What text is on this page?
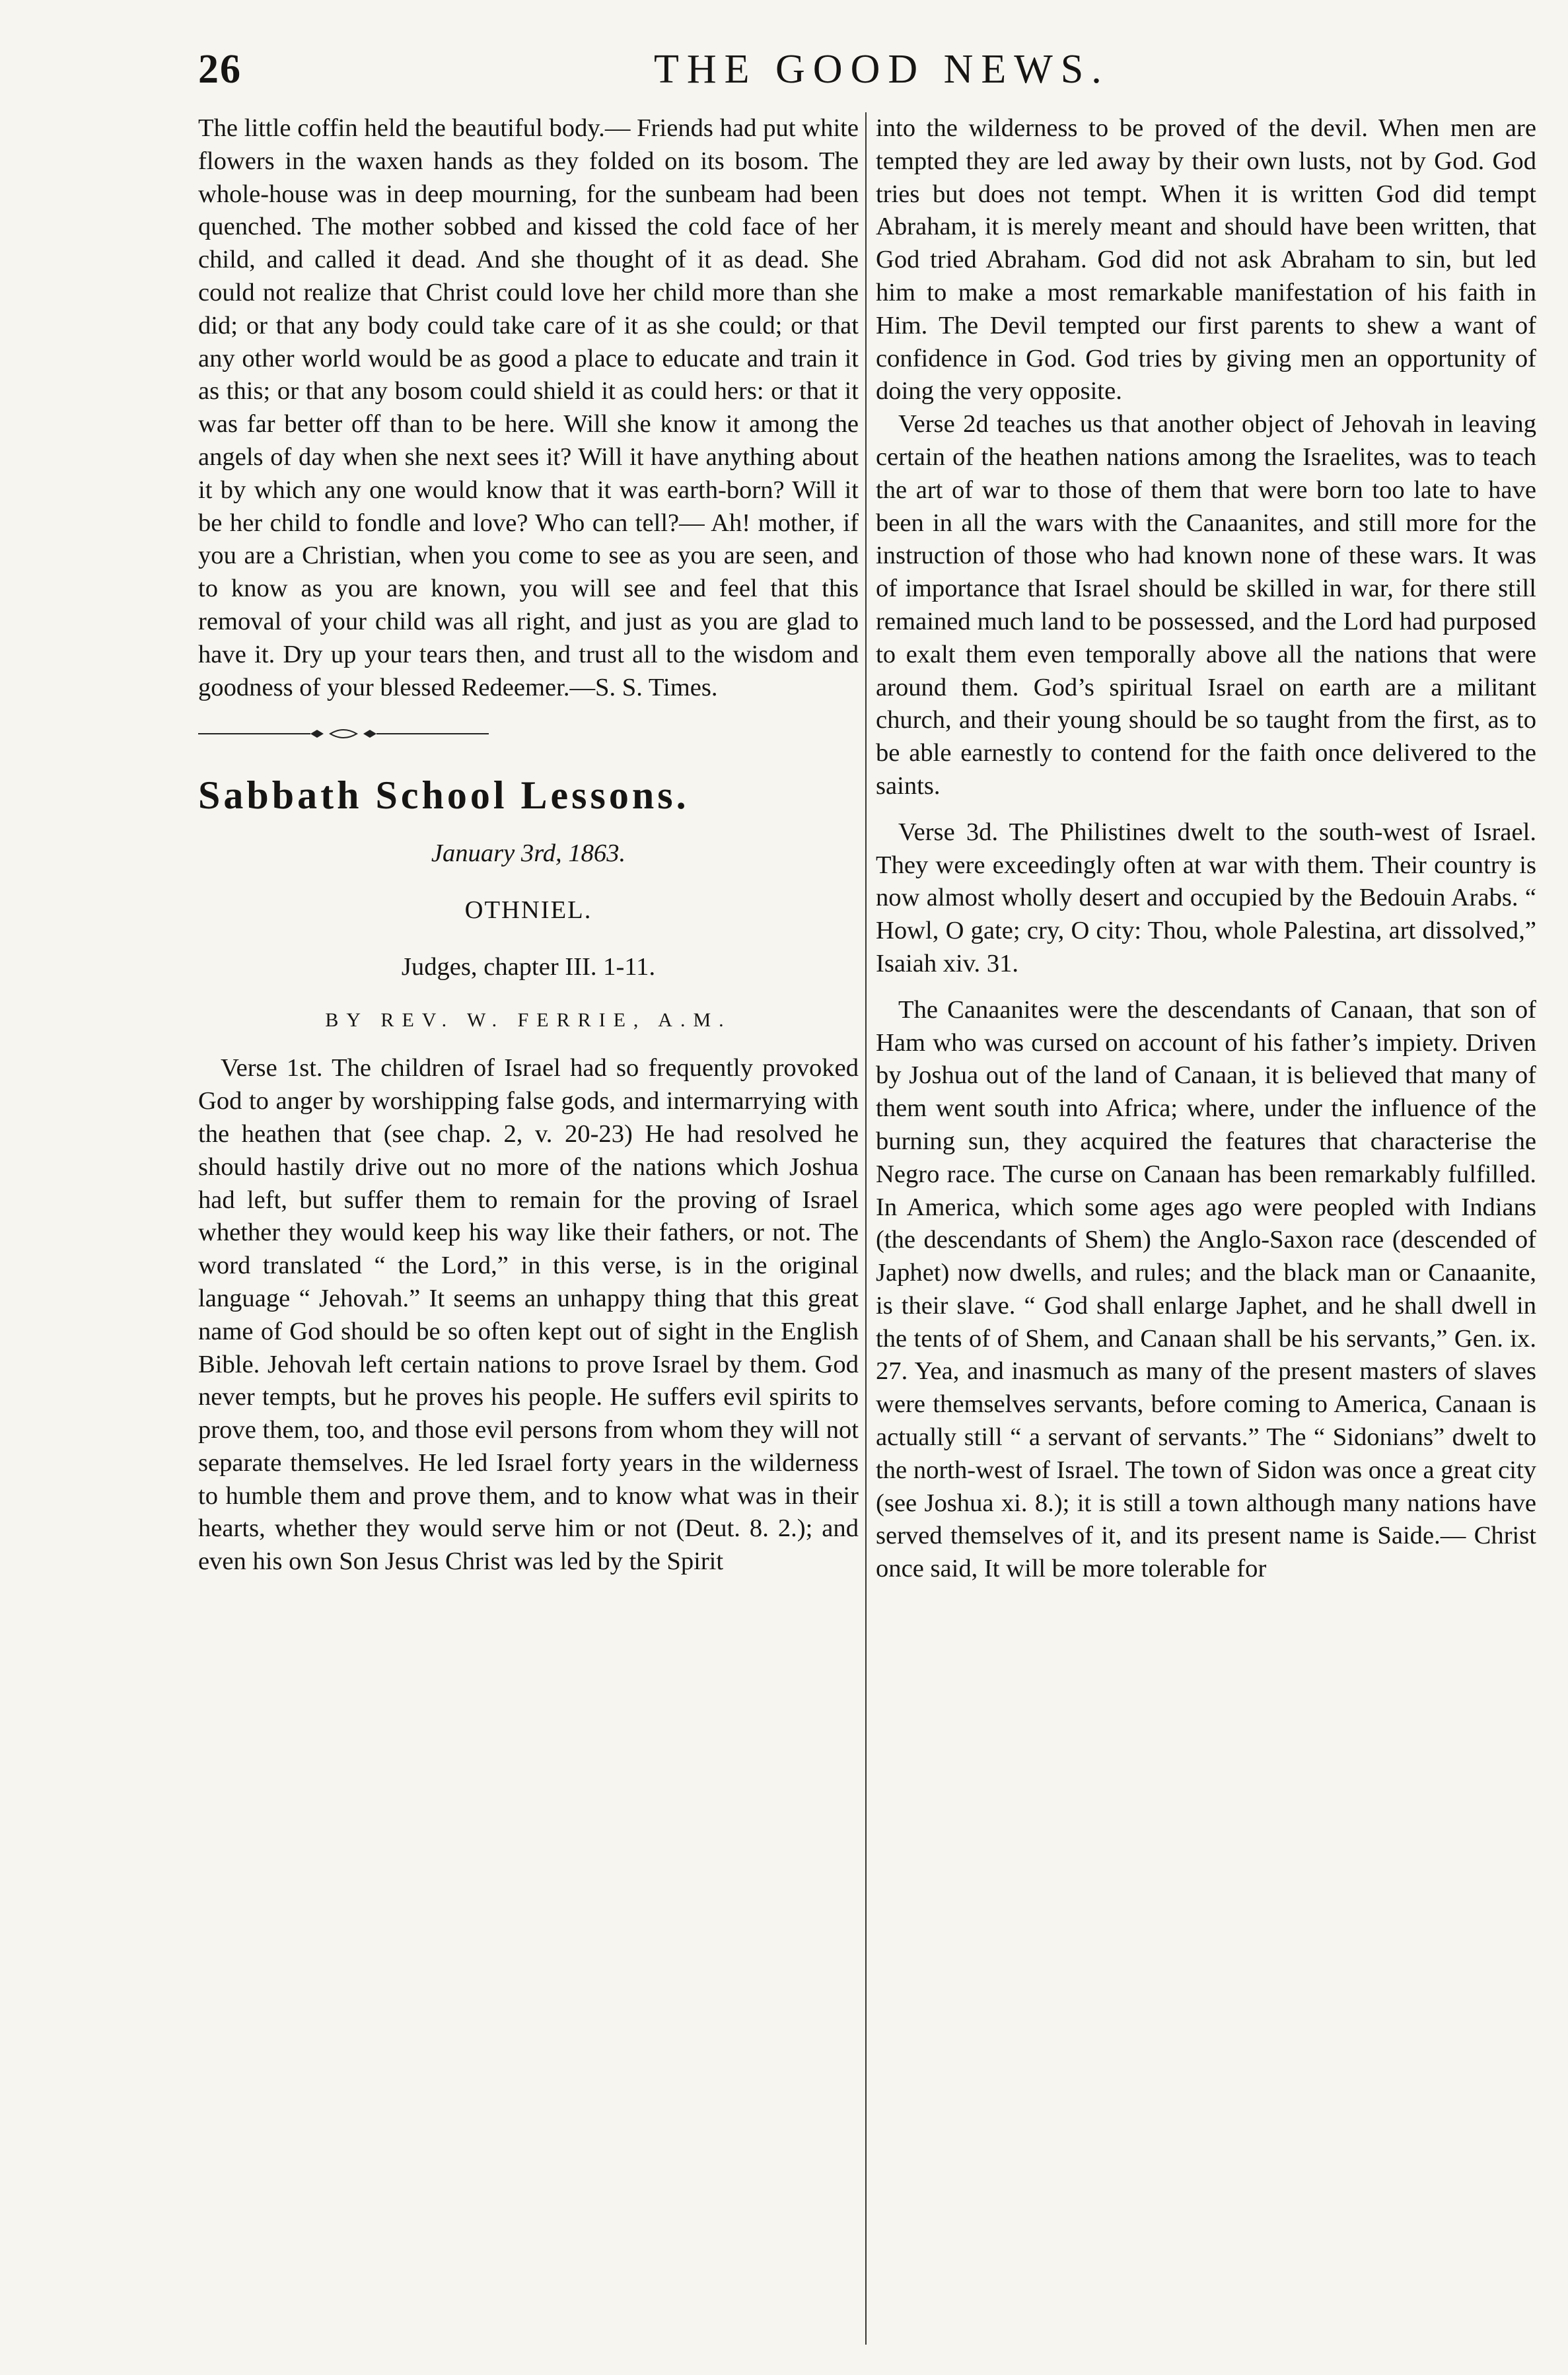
26	THE GOOD NEWS.

The little coffin held the beautiful body.— Friends had put white flowers in the waxen hands as they folded on its bosom. The whole-house was in deep mourning, for the sunbeam had been quenched. The mother sobbed and kissed the cold face of her child, and called it dead. And she thought of it as dead. She could not realize that Christ could love her child more than she did; or that any body could take care of it as she could; or that any other world would be as good a place to educate and train it as this; or that any bosom could shield it as could hers: or that it was far better off than to be here. Will she know it among the angels of day when she next sees it? Will it have anything about it by which any one would know that it was earth-born? Will it be her child to fondle and love? Who can tell?— Ah! mother, if you are a Christian, when you come to see as you are seen, and to know as you are known, you will see and feel that this removal of your child was all right, and just as you are glad to have it. Dry up your tears then, and trust all to the wisdom and goodness of your blessed Redeemer.—S. S. Times.

Sabbath School Lessons.
January 3rd, 1863.
OTHNIEL.
Judges, chapter III. 1-11.
BY REV. W. FERRIE, A.M.

Verse 1st. The children of Israel had so frequently provoked God to anger by worshipping false gods, and intermarrying with the heathen that (see chap. 2, v. 20-23) He had resolved he should hastily drive out no more of the nations which Joshua had left, but suffer them to remain for the proving of Israel whether they would keep his way like their fathers, or not. The word translated “ the Lord,” in this verse, is in the original language “ Jehovah.” It seems an unhappy thing that this great name of God should be so often kept out of sight in the English Bible. Jehovah left certain nations to prove Israel by them. God never tempts, but he proves his people. He suffers evil spirits to prove them, too, and those evil persons from whom they will not separate themselves. He led Israel forty years in the wilderness to humble them and prove them, and to know what was in their hearts, whether they would serve him or not (Deut. 8. 2.); and even his own Son Jesus Christ was led by the Spirit

into the wilderness to be proved of the devil. When men are tempted they are led away by their own lusts, not by God. God tries but does not tempt. When it is written God did tempt Abraham, it is merely meant and should have been written, that God tried Abraham. God did not ask Abraham to sin, but led him to make a most remarkable manifestation of his faith in Him. The Devil tempted our first parents to shew a want of confidence in God. God tries by giving men an opportunity of doing the very opposite.

Verse 2d teaches us that another object of Jehovah in leaving certain of the heathen nations among the Israelites, was to teach the art of war to those of them that were born too late to have been in all the wars with the Canaanites, and still more for the instruction of those who had known none of these wars. It was of importance that Israel should be skilled in war, for there still remained much land to be possessed, and the Lord had purposed to exalt them even temporally above all the nations that were around them. God’s spiritual Israel on earth are a militant church, and their young should be so taught from the first, as to be able earnestly to contend for the faith once delivered to the saints.

Verse 3d. The Philistines dwelt to the south-west of Israel. They were exceedingly often at war with them. Their country is now almost wholly desert and occupied by the Bedouin Arabs. “ Howl, O gate; cry, O city: Thou, whole Palestina, art dissolved,” Isaiah xiv. 31.

The Canaanites were the descendants of Canaan, that son of Ham who was cursed on account of his father’s impiety. Driven by Joshua out of the land of Canaan, it is believed that many of them went south into Africa; where, under the influence of the burning sun, they acquired the features that characterise the Negro race. The curse on Canaan has been remarkably fulfilled. In America, which some ages ago were peopled with Indians (the descendants of Shem) the Anglo-Saxon race (descended of Japhet) now dwells, and rules; and the black man or Canaanite, is their slave. “ God shall enlarge Japhet, and he shall dwell in the tents of of Shem, and Canaan shall be his servants,” Gen. ix. 27. Yea, and inasmuch as many of the present masters of slaves were themselves servants, before coming to America, Canaan is actually still “ a servant of servants.” The “ Sidonians” dwelt to the north-west of Israel. The town of Sidon was once a great city (see Joshua xi. 8.); it is still a town although many nations have served themselves of it, and its present name is Saide.— Christ once said, It will be more tolerable for
